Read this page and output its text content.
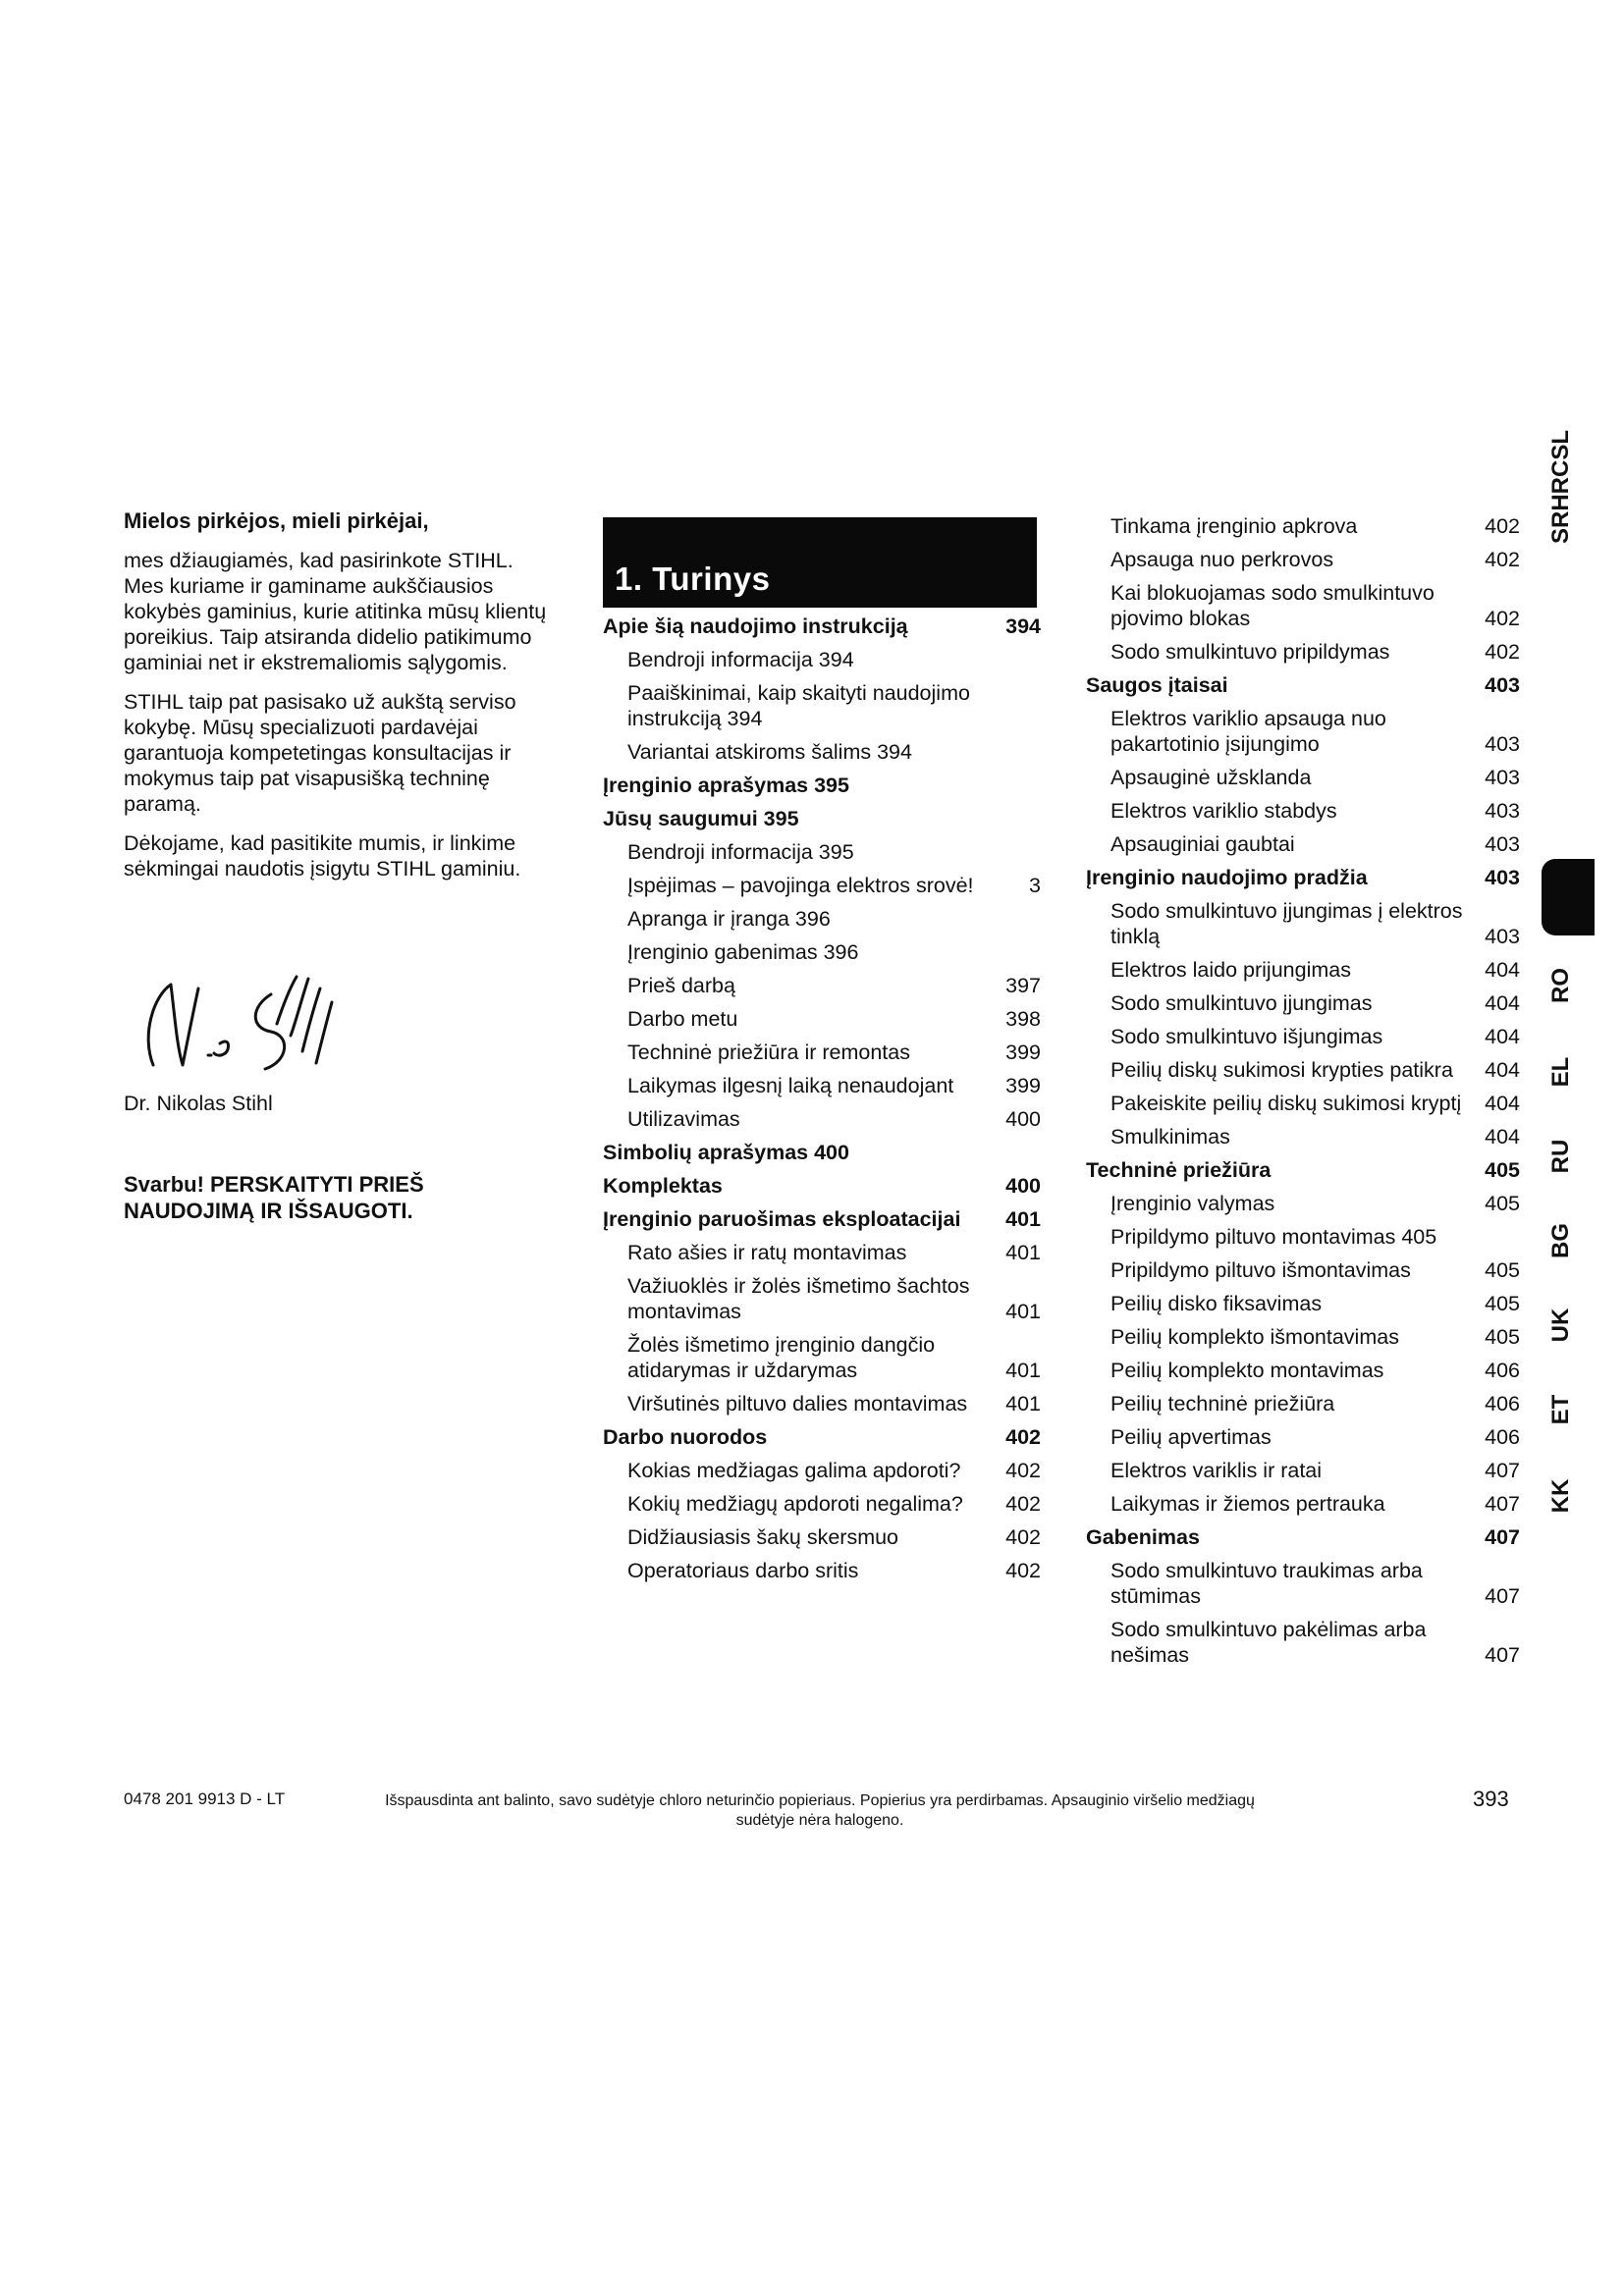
Mielos pirkėjos, mieli pirkėjai,

mes džiaugiamės, kad pasirinkote STIHL. Mes kuriame ir gaminame aukščiausios kokybės gaminius, kurie atitinka mūsų klientų poreikius. Taip atsiranda didelio patikimumo gaminiai net ir ekstremaliomis sąlygomis.

STIHL taip pat pasisako už aukštą serviso kokybę. Mūsų specializuoti pardavėjai garantuoja kompetetingas konsultacijas ir mokymus taip pat visapusišką techninę paramą.

Dėkojame, kad pasitikite mumis, ir linkime sėkmingai naudotis įsigytu STIHL gaminiu.

Dr. Nikolas Stihl
Svarbu! PERSKAITYTI PRIEŠ
NAUDOJIMĄ IR IŠSAUGOTI.
1. Turinys
Apie šią naudojimo instrukciją	394
Bendroji informacija 394
Paaiškinimai, kaip skaityti naudojimo instrukciją 394
Variantai atskiroms šalims 394
Įrenginio aprašymas 395
Jūsų saugumui 395
Bendroji informacija 395
Įspėjimas – pavojinga elektros srovė!	3
Apranga ir įranga 396
Įrenginio gabenimas 396
Prieš darbą	397
Darbo metu	398
Techninė priežiūra ir remontas	399
Laikymas ilgesnį laiką nenaudojant	399
Utilizavimas	400
Simbolių aprašymas 400
Komplektas	400
Įrenginio paruošimas eksploatacijai	401
Rato ašies ir ratų montavimas	401
Važiuoklės ir žolės išmetimo šachtos montavimas	401
Žolės išmetimo įrenginio dangčio atidarymas ir uždarymas	401
Viršutinės piltuvo dalies montavimas	401
Darbo nuorodos	402
Kokias medžiagas galima apdoroti?	402
Kokių medžiagų apdoroti negalima?	402
Didžiausiasis šakų skersmuo	402
Operatoriaus darbo sritis	402
Tinkama įrenginio apkrova	402
Apsauga nuo perkrovos	402
Kai blokuojamas sodo smulkintuvo pjovimo blokas	402
Sodo smulkintuvo pripildymas	402
Saugos įtaisai	403
Elektros variklio apsauga nuo pakartotinio įsijungimo	403
Apsauginė užsklanda	403
Elektros variklio stabdys	403
Apsauginiai gaubtai	403
Įrenginio naudojimo pradžia	403
Sodo smulkintuvo įjungimas į elektros tinklą	403
Elektros laido prijungimas	404
Sodo smulkintuvo įjungimas	404
Sodo smulkintuvo išjungimas	404
Peilių diskų sukimosi krypties patikra	404
Pakeiskite peilių diskų sukimosi kryptį	404
Smulkinimas	404
Techninė priežiūra	405
Įrenginio valymas	405
Pripildymo piltuvo montavimas 405
Pripildymo piltuvo išmontavimas	405
Peilių disko fiksavimas	405
Peilių komplekto išmontavimas	405
Peilių komplekto montavimas	406
Peilių techninė priežiūra	406
Peilių apvertimas	406
Elektros variklis ir ratai	407
Laikymas ir žiemos pertrauka	407
Gabenimas	407
Sodo smulkintuvo traukimas arba stūmimas	407
Sodo smulkintuvo pakėlimas arba nešimas	407
SRHRCSL
RO
EL
RU
BG
UK
ET
KK
0478 201 9913 D - LT	Išspausdinta ant balinto, savo sudėtyje chloro neturinčio popieriaus. Popierius yra perdirbamas. Apsauginio viršelio medžiagų sudėtyje nėra halogeno.
393
